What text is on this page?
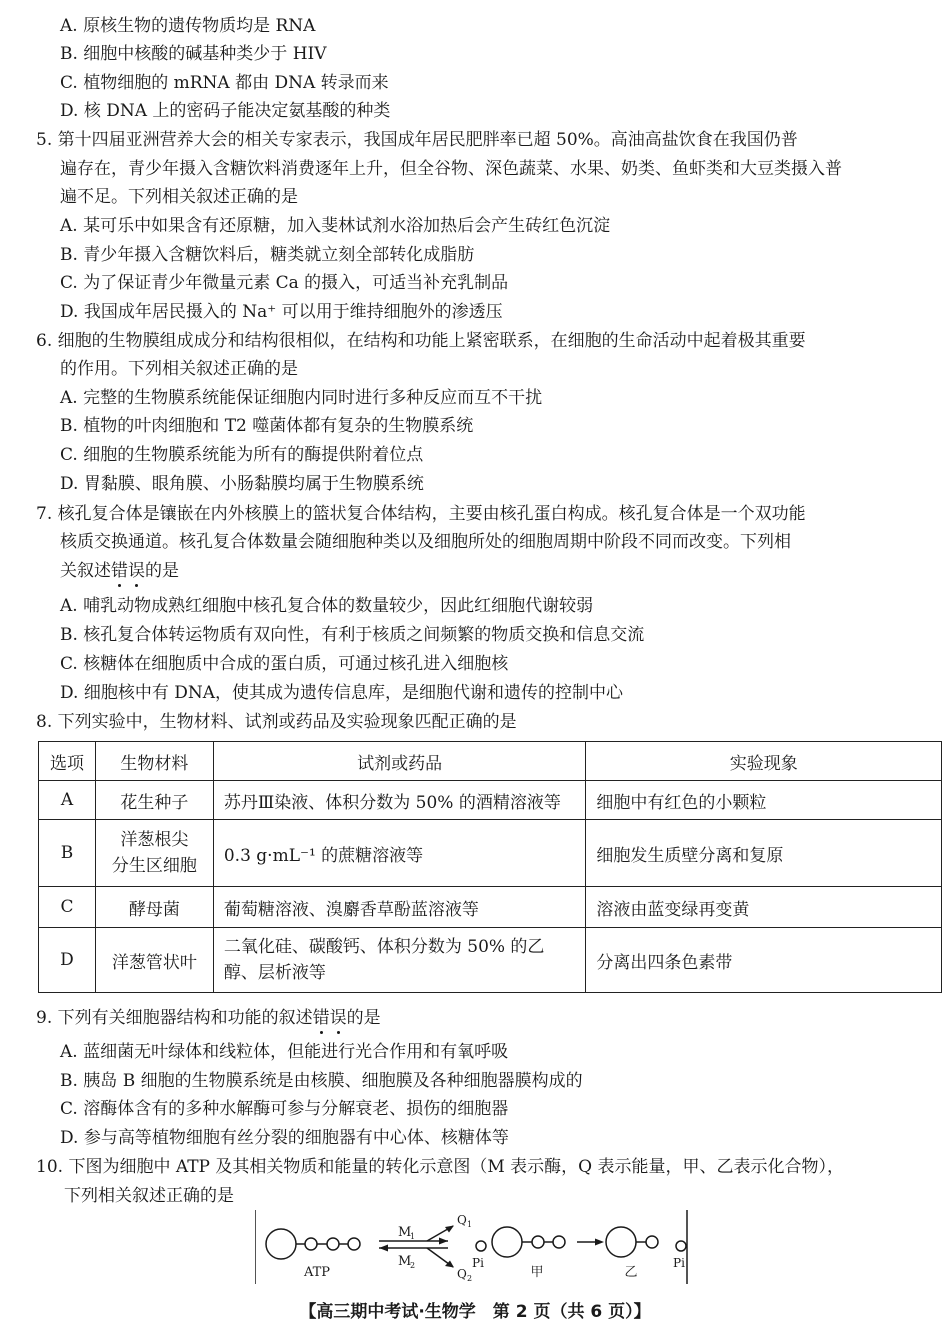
A. 原核生物的遗传物质均是 RNA
B. 细胞中核酸的碱基种类少于 HIV
C. 植物细胞的 mRNA 都由 DNA 转录而来
D. 核 DNA 上的密码子能决定氨基酸的种类
5. 第十四届亚洲营养大会的相关专家表示，我国成年居民肥胖率已超 50%。高油高盐饮食在我国仍普
遍存在，青少年摄入含糖饮料消费逐年上升，但全谷物、深色蔬菜、水果、奶类、鱼虾类和大豆类摄入普
遍不足。下列相关叙述正确的是
A. 某可乐中如果含有还原糖，加入斐林试剂水浴加热后会产生砖红色沉淀
B. 青少年摄入含糖饮料后，糖类就立刻全部转化成脂肪
C. 为了保证青少年微量元素 Ca 的摄入，可适当补充乳制品
D. 我国成年居民摄入的 Na⁺ 可以用于维持细胞外的渗透压
6. 细胞的生物膜组成成分和结构很相似，在结构和功能上紧密联系，在细胞的生命活动中起着极其重要
的作用。下列相关叙述正确的是
A. 完整的生物膜系统能保证细胞内同时进行多种反应而互不干扰
B. 植物的叶肉细胞和 T2 噬菌体都有复杂的生物膜系统
C. 细胞的生物膜系统能为所有的酶提供附着位点
D. 胃黏膜、眼角膜、小肠黏膜均属于生物膜系统
7. 核孔复合体是镶嵌在内外核膜上的篮状复合体结构，主要由核孔蛋白构成。核孔复合体是一个双功能
核质交换通道。核孔复合体数量会随细胞种类以及细胞所处的细胞周期中阶段不同而改变。下列相
关叙述错
误
的是
A. 哺乳动物成熟红细胞中核孔复合体的数量较少，因此红细胞代谢较弱
B. 核孔复合体转运物质有双向性，有利于核质之间频繁的物质交换和信息交流
C. 核糖体在细胞质中合成的蛋白质，可通过核孔进入细胞核
D. 细胞核中有 DNA，使其成为遗传信息库，是细胞代谢和遗传的控制中心
8. 下列实验中，生物材料、试剂或药品及实验现象匹配正确的是
选项	生物材料	试剂或药品	实验现象
A	花生种子	苏丹Ⅲ染液、体积分数为 50% 的酒精溶液等	细胞中有红色的小颗粒
B	洋葱根尖
分生区细胞	0.3 g·mL⁻¹ 的蔗糖溶液等	细胞发生质壁分离和复原
C	酵母菌	葡萄糖溶液、溴麝香草酚蓝溶液等	溶液由蓝变绿再变黄
D	洋葱管状叶	二氧化硅、碳酸钙、体积分数为 50% 的乙
醇、层析液等	分离出四条色素带
9. 下列有关细胞器结构和功能的叙述错
误
的是
A. 蓝细菌无叶绿体和线粒体，但能进行光合作用和有氧呼吸
B. 胰岛 B 细胞的生物膜系统是由核膜、细胞膜及各种细胞器膜构成的
C. 溶酶体含有的多种水解酶可参与分解衰老、损伤的细胞器
D. 参与高等植物细胞有丝分裂的细胞器有中心体、核糖体等
10. 下图为细胞中 ATP 及其相关物质和能量的转化示意图（M 表示酶，Q 表示能量，甲、乙表示化合物），
下列相关叙述正确的是
ATP
M
1
M
2
Q 1
Q 2
Pi
甲	乙
Pi
【高三期中考试·生物学　第 2 页（共 6 页）】
